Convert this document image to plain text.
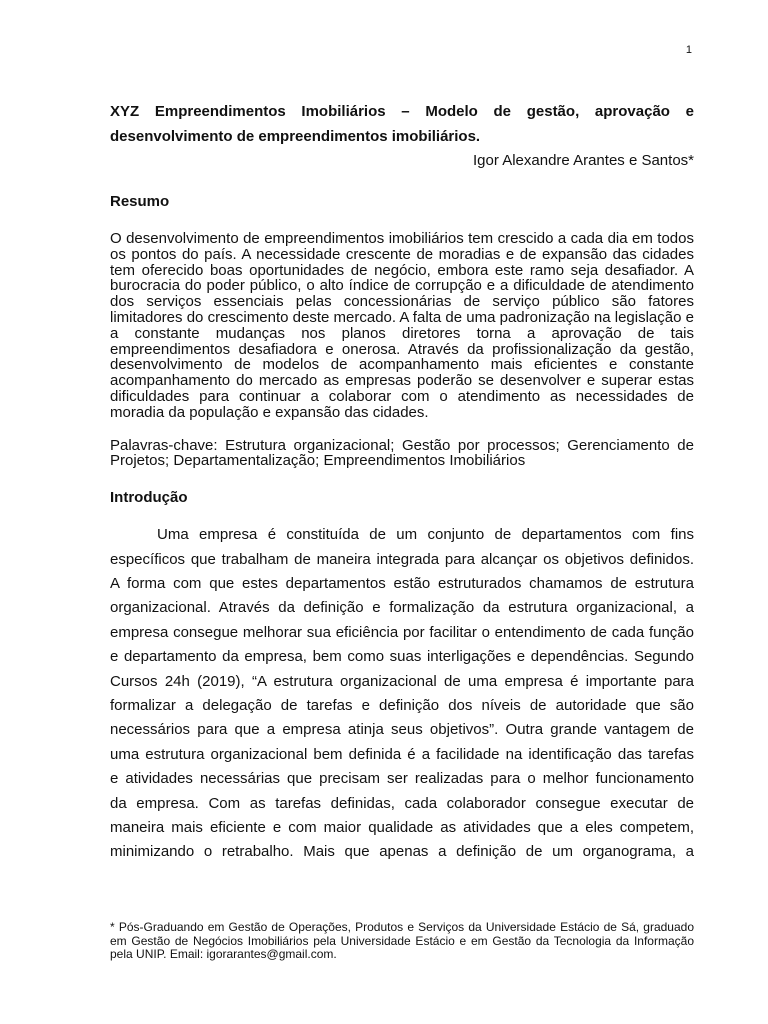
1

XYZ Empreendimentos Imobiliários – Modelo de gestão, aprovação e desenvolvimento de empreendimentos imobiliários.

Igor Alexandre Arantes e Santos*

Resumo

O desenvolvimento de empreendimentos imobiliários tem crescido a cada dia em todos os pontos do país. A necessidade crescente de moradias e de expansão das cidades tem oferecido boas oportunidades de negócio, embora este ramo seja desafiador. A burocracia do poder público, o alto índice de corrupção e a dificuldade de atendimento dos serviços essenciais pelas concessionárias de serviço público são fatores limitadores do crescimento deste mercado. A falta de uma padronização na legislação e a constante mudanças nos planos diretores torna a aprovação de tais empreendimentos desafiadora e onerosa. Através da profissionalização da gestão, desenvolvimento de modelos de acompanhamento mais eficientes e constante acompanhamento do mercado as empresas poderão se desenvolver e superar estas dificuldades para continuar a colaborar com o atendimento as necessidades de moradia da população e expansão das cidades.

Palavras-chave: Estrutura organizacional; Gestão por processos; Gerenciamento de Projetos; Departamentalização; Empreendimentos Imobiliários

Introdução

Uma empresa é constituída de um conjunto de departamentos com fins

específicos que trabalham de maneira integrada para alcançar os objetivos definidos.

A forma com que estes departamentos estão estruturados chamamos de estrutura

organizacional. Através da definição e formalização da estrutura organizacional, a

empresa consegue melhorar sua eficiência por facilitar o entendimento de cada função

e departamento da empresa, bem como suas interligações e dependências. Segundo

Cursos 24h (2019), “A estrutura organizacional de uma empresa é importante para

formalizar a delegação de tarefas e definição dos níveis de autoridade que são

necessários para que a empresa atinja seus objetivos”. Outra grande vantagem de

uma estrutura organizacional bem definida é a facilidade na identificação das tarefas

e atividades necessárias que precisam ser realizadas para o melhor funcionamento

da empresa. Com as tarefas definidas, cada colaborador consegue executar de

maneira mais eficiente e com maior qualidade as atividades que a eles competem,

minimizando o retrabalho. Mais que apenas a definição de um organograma, a

* Pós-Graduando em Gestão de Operações, Produtos e Serviços da Universidade Estácio de Sá, graduado em Gestão de Negócios Imobiliários pela Universidade Estácio e em Gestão da Tecnologia da Informação pela UNIP. Email: igorarantes@gmail.com.
